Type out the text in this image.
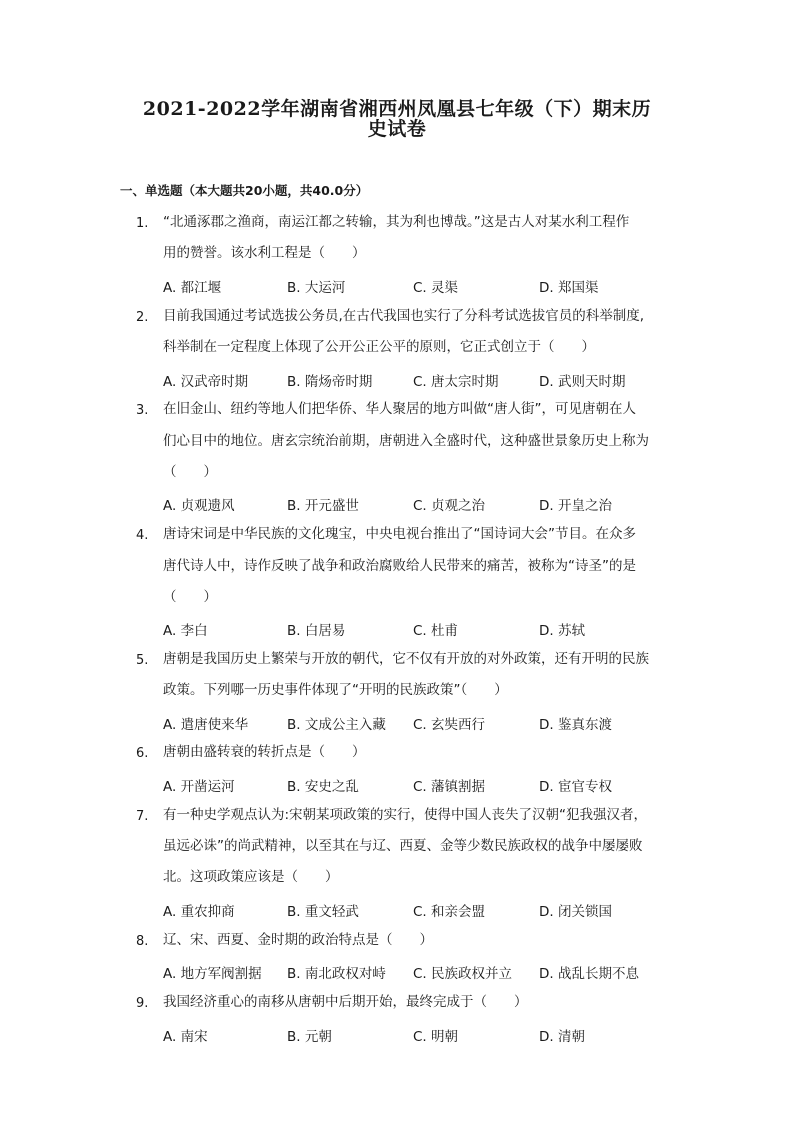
2021-2022学年湖南省湘西州凤凰县七年级（下）期末历
史试卷
一、单选题（本大题共20小题，共40.0分）
1. “北通涿郡之渔商，南运江都之转输，其为利也博哉。”这是古人对某水利工程作
用的赞誉。该水利工程是（　　）
A. 都江堰	B. 大运河	C. 灵渠	D. 郑国渠
2. 目前我国通过考试选拔公务员,在古代我国也实行了分科考试选拔官员的科举制度,
科举制在一定程度上体现了公开公正公平的原则，它正式创立于（　　）
A. 汉武帝时期	B. 隋炀帝时期	C. 唐太宗时期	D. 武则天时期
3. 在旧金山、纽约等地人们把华侨、华人聚居的地方叫做“唐人街”，可见唐朝在人
们心目中的地位。唐玄宗统治前期，唐朝进入全盛时代，这种盛世景象历史上称为
（　　）
A. 贞观遗风	B. 开元盛世	C. 贞观之治	D. 开皇之治
4. 唐诗宋词是中华民族的文化瑰宝，中央电视台推出了“国诗词大会”节目。在众多
唐代诗人中，诗作反映了战争和政治腐败给人民带来的痛苦，被称为“诗圣”的是
（　　）
A. 李白	B. 白居易	C. 杜甫	D. 苏轼
5. 唐朝是我国历史上繁荣与开放的朝代，它不仅有开放的对外政策，还有开明的民族
政策。下列哪一历史事件体现了“开明的民族政策”（　　）
A. 遣唐使来华	B. 文成公主入藏 C. 玄奘西行	D. 鉴真东渡
6. 唐朝由盛转衰的转折点是（　　）
A. 开凿运河	B. 安史之乱	C. 藩镇割据	D. 宦官专权
7. 有一种史学观点认为:宋朝某项政策的实行，使得中国人丧失了汉朝“犯我强汉者，
虽远必诛”的尚武精神，以至其在与辽、西夏、金等少数民族政权的战争中屡屡败
北。这项政策应该是（　　）
A. 重农抑商	B. 重文轻武	C. 和亲会盟	D. 闭关锁国
8. 辽、宋、西夏、金时期的政治特点是（　　）
A. 地方军阀割据 B. 南北政权对峙 C. 民族政权并立 D. 战乱长期不息
9. 我国经济重心的南移从唐朝中后期开始，最终完成于（　　）
A. 南宋	B. 元朝	C. 明朝	D. 清朝
